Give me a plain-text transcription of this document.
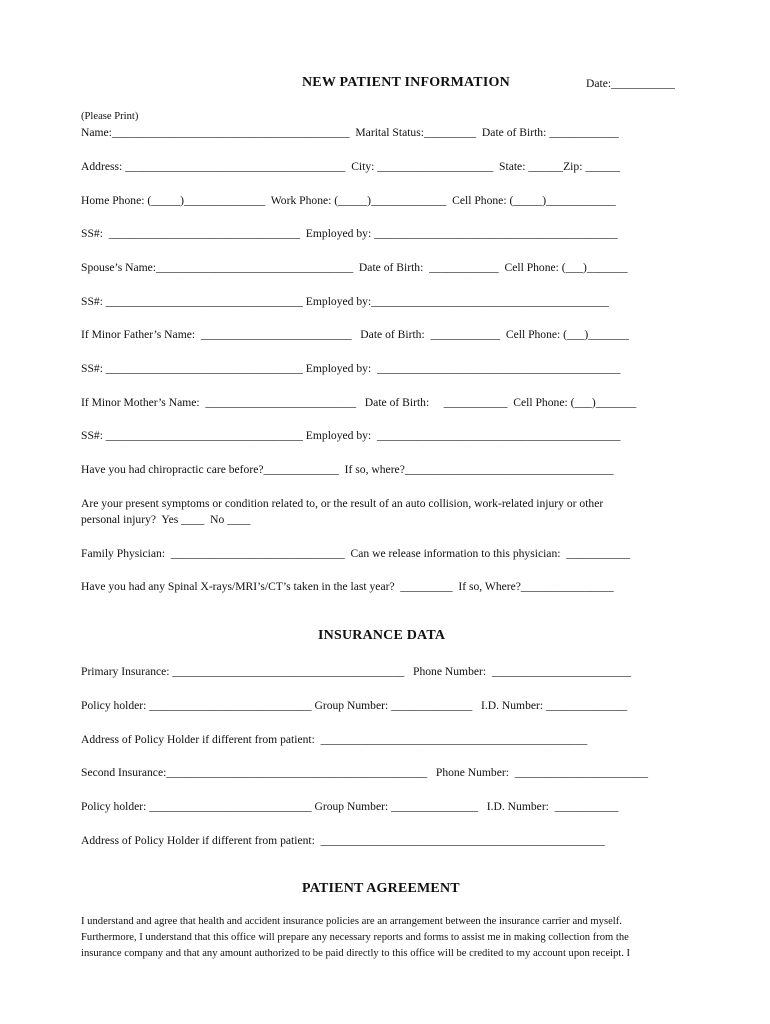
NEW PATIENT INFORMATION	Date:___________
(Please Print)
Name:_________________________________________  Marital Status:_________  Date of Birth: ____________
Address: ______________________________________  City: ____________________  State: ______Zip: ______
Home Phone: (_____)______________  Work Phone: (_____)_____________  Cell Phone: (_____)____________
SS#:  _________________________________  Employed by: __________________________________________
Spouse’s Name:__________________________________  Date of Birth:  ____________  Cell Phone: (___)_______
SS#: __________________________________ Employed by:_________________________________________
If Minor Father’s Name:  __________________________   Date of Birth:  ____________  Cell Phone: (___)_______
SS#: __________________________________ Employed by:  __________________________________________
If Minor Mother’s Name:  __________________________   Date of Birth:     ___________  Cell Phone: (___)_______
SS#: __________________________________ Employed by:  __________________________________________
Have you had chiropractic care before?_____________  If so, where?____________________________________
Are your present symptoms or condition related to, or the result of an auto collision, work-related injury or other
personal injury?  Yes ____  No ____
Family Physician:  ______________________________  Can we release information to this physician:  ___________
Have you had any Spinal X-rays/MRI’s/CT’s taken in the last year?  _________  If so, Where?________________
INSURANCE DATA
Primary Insurance: ________________________________________   Phone Number:  ________________________
Policy holder: ____________________________ Group Number: ______________   I.D. Number: ______________
Address of Policy Holder if different from patient:  ______________________________________________
Second Insurance:_____________________________________________   Phone Number:  _______________________
Policy holder: ____________________________ Group Number: _______________   I.D. Number:  ___________
Address of Policy Holder if different from patient:  _________________________________________________
PATIENT AGREEMENT
I understand and agree that health and accident insurance policies are an arrangement between the insurance carrier and myself.
Furthermore, I understand that this office will prepare any necessary reports and forms to assist me in making collection from the
insurance company and that any amount authorized to be paid directly to this office will be credited to my account upon receipt. I
